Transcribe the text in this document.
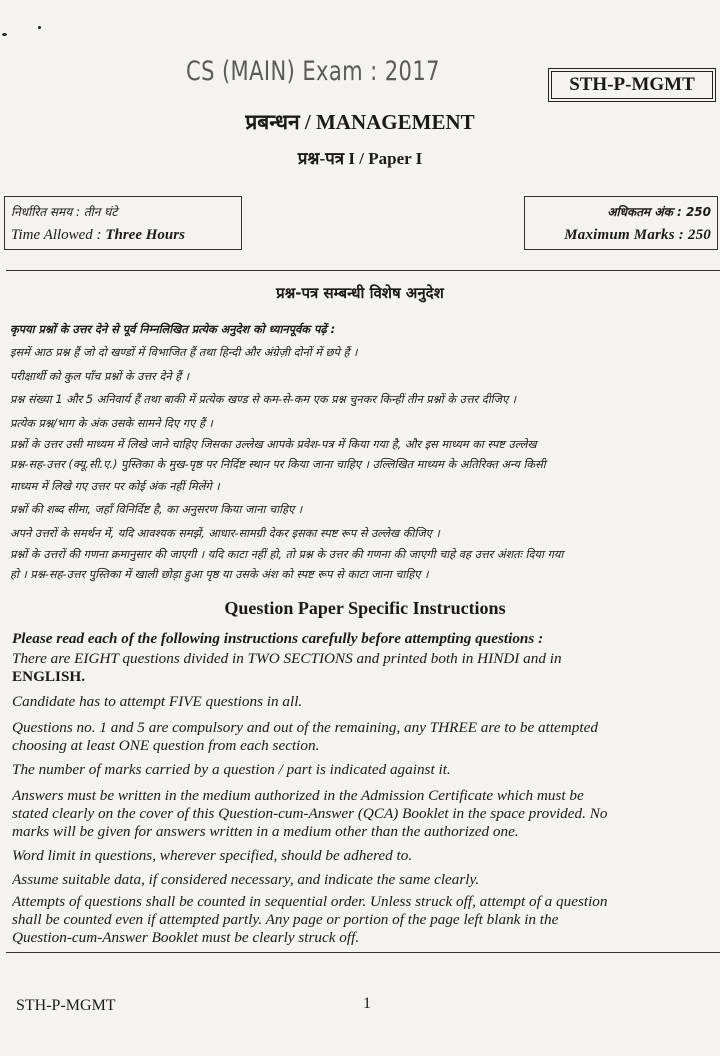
CS (MAIN) Exam : 2017	STH-P-MGMT
प्रबन्धन / MANAGEMENT
प्रश्न-पत्र I / Paper I
निर्धारित समय : तीन घंटे
Time Allowed : Three Hours
अधिकतम अंक : 250
Maximum Marks : 250
प्रश्न-पत्र सम्बन्धी विशेष अनुदेश
कृपया प्रश्नों के उत्तर देने से पूर्व निम्नलिखित प्रत्येक अनुदेश को ध्यानपूर्वक पढ़ें :
इसमें आठ प्रश्न हैं जो दो खण्डों में विभाजित हैं तथा हिन्दी और अंग्रेज़ी दोनों में छपे हैं ।
परीक्षार्थी को कुल पाँच प्रश्नों के उत्तर देने हैं ।
प्रश्न संख्या 1 और 5 अनिवार्य हैं तथा बाकी में प्रत्येक खण्ड से कम-से-कम एक प्रश्न चुनकर किन्हीं तीन प्रश्नों के उत्तर दीजिए ।
प्रत्येक प्रश्न/भाग के अंक उसके सामने दिए गए हैं ।
प्रश्नों के उत्तर उसी माध्यम में लिखे जाने चाहिए जिसका उल्लेख आपके प्रवेश-पत्र में किया गया है, और इस माध्यम का स्पष्ट उल्लेख
प्रश्न-सह-उत्तर (क्यू.सी.ए.) पुस्तिका के मुख-पृष्ठ पर निर्दिष्ट स्थान पर किया जाना चाहिए । उल्लिखित माध्यम के अतिरिक्त अन्य किसी
माध्यम में लिखे गए उत्तर पर कोई अंक नहीं मिलेंगे ।
प्रश्नों की शब्द सीमा, जहाँ विनिर्दिष्ट है, का अनुसरण किया जाना चाहिए ।
अपने उत्तरों के समर्थन में, यदि आवश्यक समझें, आधार-सामग्री देकर इसका स्पष्ट रूप से उल्लेख कीजिए ।
प्रश्नों के उत्तरों की गणना क्रमानुसार की जाएगी । यदि काटा नहीं हो, तो प्रश्न के उत्तर की गणना की जाएगी चाहे वह उत्तर अंशतः दिया गया
हो । प्रश्न-सह-उत्तर पुस्तिका में खाली छोड़ा हुआ पृष्ठ या उसके अंश को स्पष्ट रूप से काटा जाना चाहिए ।
Question Paper Specific Instructions
Please read each of the following instructions carefully before attempting questions :
There are EIGHT questions divided in TWO SECTIONS and printed both in HINDI and in
ENGLISH.
Candidate has to attempt FIVE questions in all.
Questions no. 1 and 5 are compulsory and out of the remaining, any THREE are to be attempted
choosing at least ONE question from each section.
The number of marks carried by a question / part is indicated against it.
Answers must be written in the medium authorized in the Admission Certificate which must be
stated clearly on the cover of this Question-cum-Answer (QCA) Booklet in the space provided. No
marks will be given for answers written in a medium other than the authorized one.
Word limit in questions, wherever specified, should be adhered to.
Assume suitable data, if considered necessary, and indicate the same clearly.
Attempts of questions shall be counted in sequential order. Unless struck off, attempt of a question
shall be counted even if attempted partly. Any page or portion of the page left blank in the
Question-cum-Answer Booklet must be clearly struck off.
STH-P-MGMT	1
